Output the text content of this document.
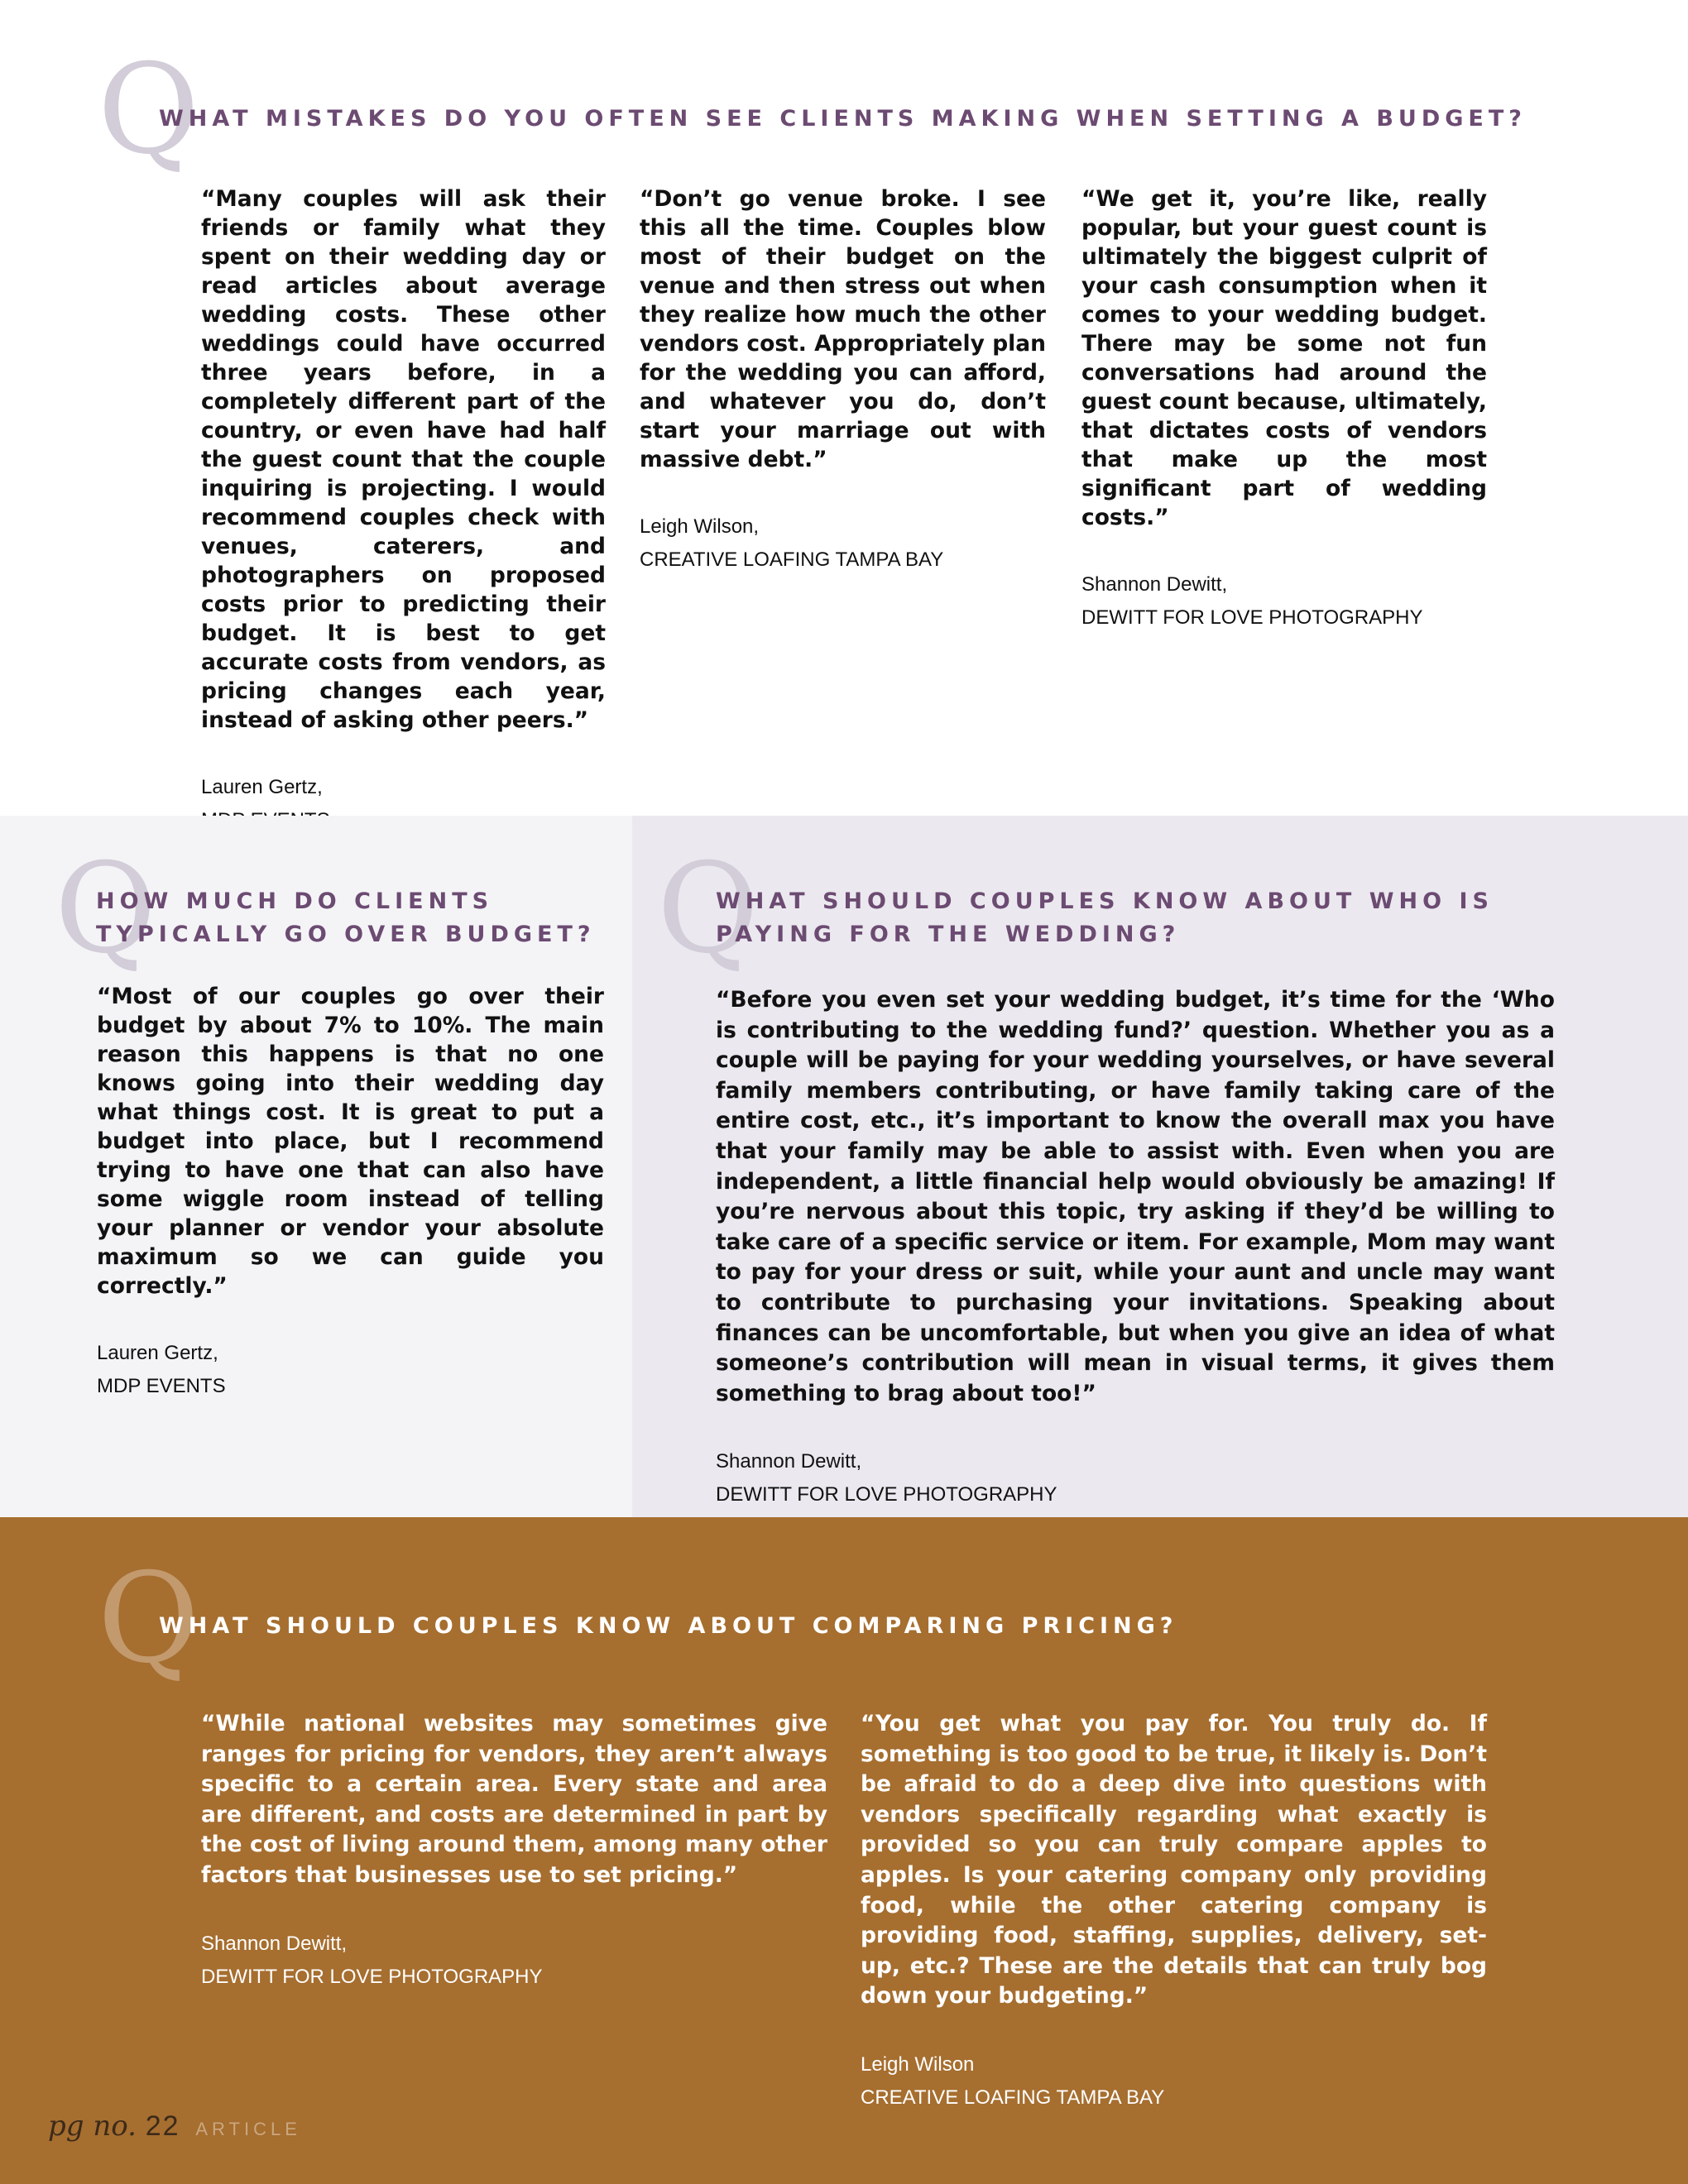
Q
WHAT MISTAKES DO YOU OFTEN SEE CLIENTS MAKING WHEN SETTING A BUDGET?

“Many couples will ask their friends or family what they spent on their wedding day or read articles about average wedding costs. These other weddings could have occurred three years before, in a completely different part of the country, or even have had half the guest count that the couple inquiring is projecting. I would recommend couples check with venues, caterers, and photographers on proposed costs prior to predicting their budget. It is best to get accurate costs from vendors, as pricing changes each year, instead of asking other peers.”

Lauren Gertz,

“Don’t go venue broke. I see this all the time. Couples blow most of their budget on the venue and then stress out when they realize how much the other vendors cost. Appropriately plan for the wedding you can afford, and whatever you do, don’t start your marriage out with massive debt.”

Leigh Wilson,
CREATIVE LOAFING TAMPA BAY

“We get it, you’re like, really popular, but your guest count is ultimately the biggest culprit of your cash consumption when it comes to your wedding budget. There may be some not fun conversations had around the guest count because, ultimately, that dictates costs of vendors that make up the most significant part of wedding costs.”

Shannon Dewitt,
DEWITT FOR LOVE PHOTOGRAPHY
Q
HOW MUCH DO CLIENTS
TYPICALLY GO OVER BUDGET?

“Most of our couples go over their budget by about 7% to 10%. The main reason this happens is that no one knows going into their wedding day what things cost. It is great to put a budget into place, but I recommend trying to have one that can also have some wiggle room instead of telling your planner or vendor your absolute maximum so we can guide you correctly.”

Lauren Gertz,
MDP EVENTS
Q
WHAT SHOULD COUPLES KNOW ABOUT WHO IS
PAYING FOR THE WEDDING?

“Before you even set your wedding budget, it’s time for the ‘Who is contributing to the wedding fund?’ question. Whether you as a couple will be paying for your wedding yourselves, or have several family members contributing, or have family taking care of the entire cost, etc., it’s important to know the overall max you have that your family may be able to assist with. Even when you are independent, a little financial help would obviously be amazing! If you’re nervous about this topic, try asking if they’d be willing to take care of a specific service or item. For example, Mom may want to pay for your dress or suit, while your aunt and uncle may want to contribute to purchasing your invitations. Speaking about finances can be uncomfortable, but when you give an idea of what someone’s contribution will mean in visual terms, it gives them something to brag about too!”

Shannon Dewitt,
DEWITT FOR LOVE PHOTOGRAPHY
Q
WHAT SHOULD COUPLES KNOW ABOUT COMPARING PRICING?

“While national websites may sometimes give ranges for pricing for vendors, they aren’t always specific to a certain area. Every state and area are different, and costs are determined in part by the cost of living around them, among many other factors that businesses use to set pricing.”

Shannon Dewitt,
DEWITT FOR LOVE PHOTOGRAPHY

“You get what you pay for. You truly do. If something is too good to be true, it likely is. Don’t be afraid to do a deep dive into questions with vendors specifically regarding what exactly is provided so you can truly compare apples to apples. Is your catering company only providing food, while the other catering company is providing food, staffing, supplies, delivery, set-up, etc.? These are the details that can truly bog down your budgeting.”

Leigh Wilson
CREATIVE LOAFING TAMPA BAY
pg no. 22 ARTICLE
